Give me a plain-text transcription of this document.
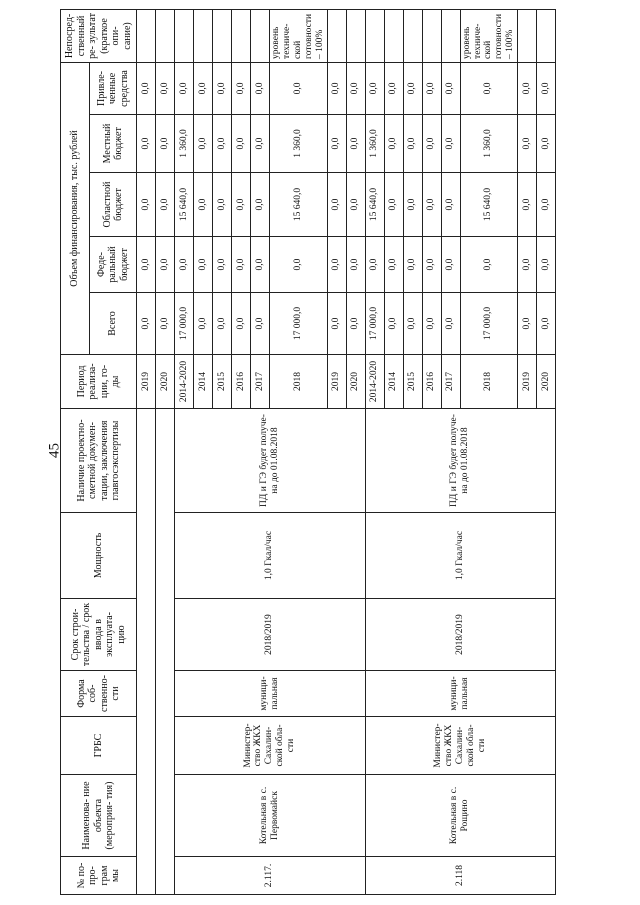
45
№ по- про- грам мы	Наименова- ние объекта (мероприя- тия)	ГРБС	Форма соб- ственно- сти	Срок строи- тельства / срок ввода в эксплуата- цию	Мощность	Наличие проектно- сметной докумен- тации, заключения главгосэкспертизы	Период реализа- ции, го- ды	Объем финансирования, тыс. рублей					Непосред- ственный ре- зультат (краткое опи- сание)
								Всего	Феде- ральный бюджет	Областной бюджет	Местный бюджет	Привле- ченные средства	
							2019	0,0	0,0	0,0	0,0	0,0	
							2020	0,0	0,0	0,0	0,0	0,0	
2.117.	Котельная в с. Первомайск	Министер- ство ЖКХ Сахалин- ской обла- сти	муници- пальная	2018/2019	1,0 Гкал/час	ПД и ГЭ будет получе- на до 01.08.2018	2014-2020	17 000,0	0,0	15 640,0	1 360,0	0,0	
							2014	0,0	0,0	0,0	0,0	0,0	
							2015	0,0	0,0	0,0	0,0	0,0	
							2016	0,0	0,0	0,0	0,0	0,0	
							2017	0,0	0,0	0,0	0,0	0,0	
							2018	17 000,0	0,0	15 640,0	1 360,0	0,0	уровень техниче- ской готовности – 100%
							2019	0,0	0,0	0,0	0,0	0,0	
							2020	0,0	0,0	0,0	0,0	0,0	
2.118	Котельная в с. Рощино	Министер- ство ЖКХ Сахалин- ской обла- сти	муници- пальная	2018/2019	1,0 Гкал/час	ПД и ГЭ будет получе- на до 01.08.2018	2014-2020	17 000,0	0,0	15 640,0	1 360,0	0,0	
							2014	0,0	0,0	0,0	0,0	0,0	
							2015	0,0	0,0	0,0	0,0	0,0	
							2016	0,0	0,0	0,0	0,0	0,0	
							2017	0,0	0,0	0,0	0,0	0,0	
							2018	17 000,0	0,0	15 640,0	1 360,0	0,0	уровень техниче- ской готовности – 100%
							2019	0,0	0,0	0,0	0,0	0,0	
							2020	0,0	0,0	0,0	0,0	0,0	
